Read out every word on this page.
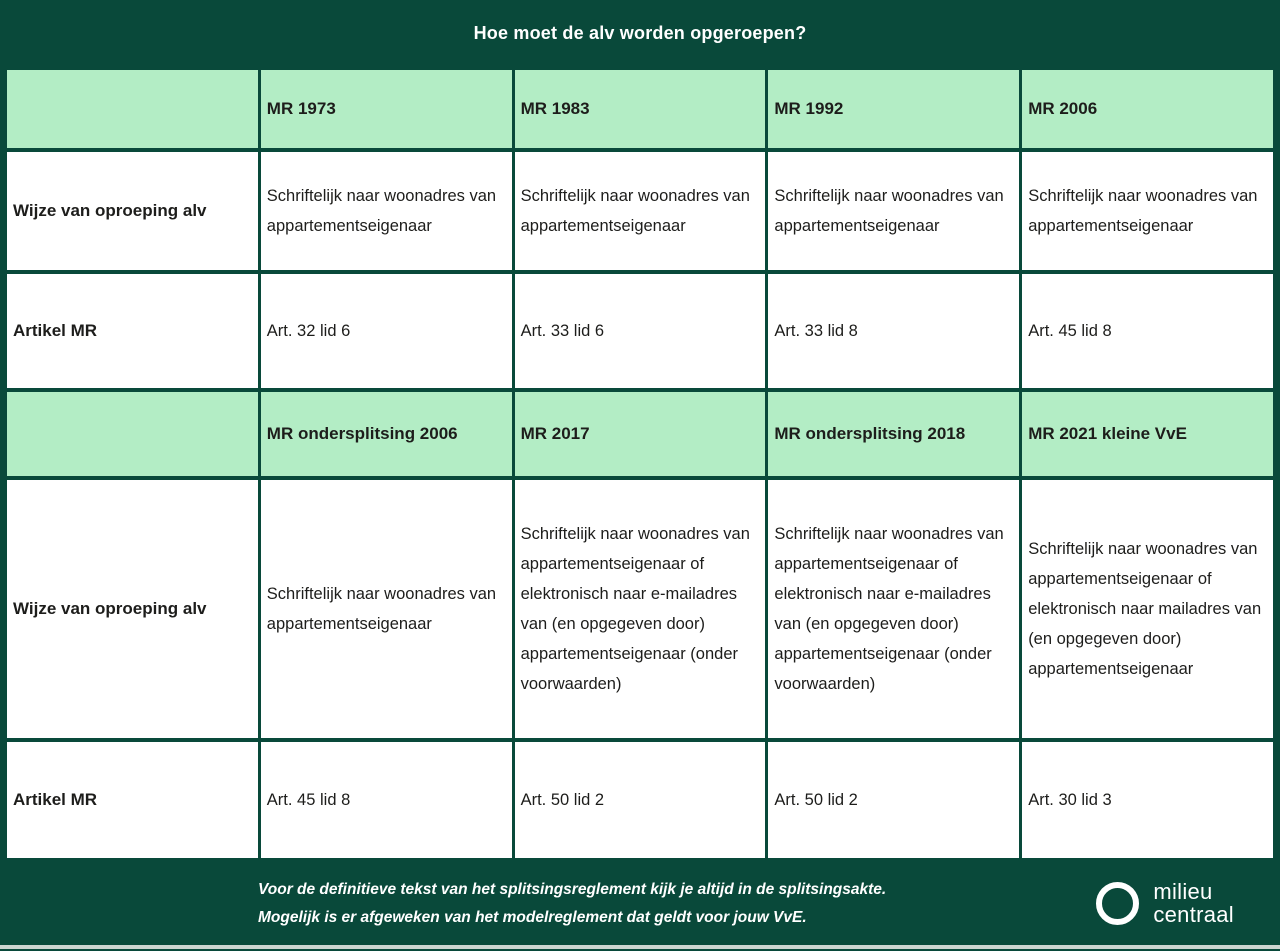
Hoe moet de alv worden opgeroepen?
	MR 1973	MR 1983	MR 1992	MR 2006

Wijze van oproeping alv	Schriftelijk naar woonadres van appartementseigenaar	Schriftelijk naar woonadres van appartementseigenaar	Schriftelijk naar woonadres van appartementseigenaar	Schriftelijk naar woonadres van appartementseigenaar

Artikel MR	Art. 32 lid 6	Art. 33 lid 6	Art. 33 lid 8	Art. 45 lid 8
	MR ondersplitsing 2006	MR 2017	MR ondersplitsing 2018	MR 2021 kleine VvE

Wijze van oproeping alv	Schriftelijk naar woonadres van appartementseigenaar	Schriftelijk naar woonadres van appartementseigenaar of elektronisch naar e-mailadres van (en opgegeven door) appartementseigenaar (onder voorwaarden)	Schriftelijk naar woonadres van appartementseigenaar of elektronisch naar e-mailadres van (en opgegeven door) appartementseigenaar (onder voorwaarden)	Schriftelijk naar woonadres van appartementseigenaar of elektronisch naar mailadres van (en opgegeven door) appartementseigenaar

Artikel MR	Art. 45 lid 8	Art. 50 lid 2	Art. 50 lid 2	Art. 30 lid 3
Voor de definitieve tekst van het splitsingsreglement kijk je altijd in de splitsingsakte.
Mogelijk is er afgeweken van het modelreglement dat geldt voor jouw VvE.
milieu
centraal
